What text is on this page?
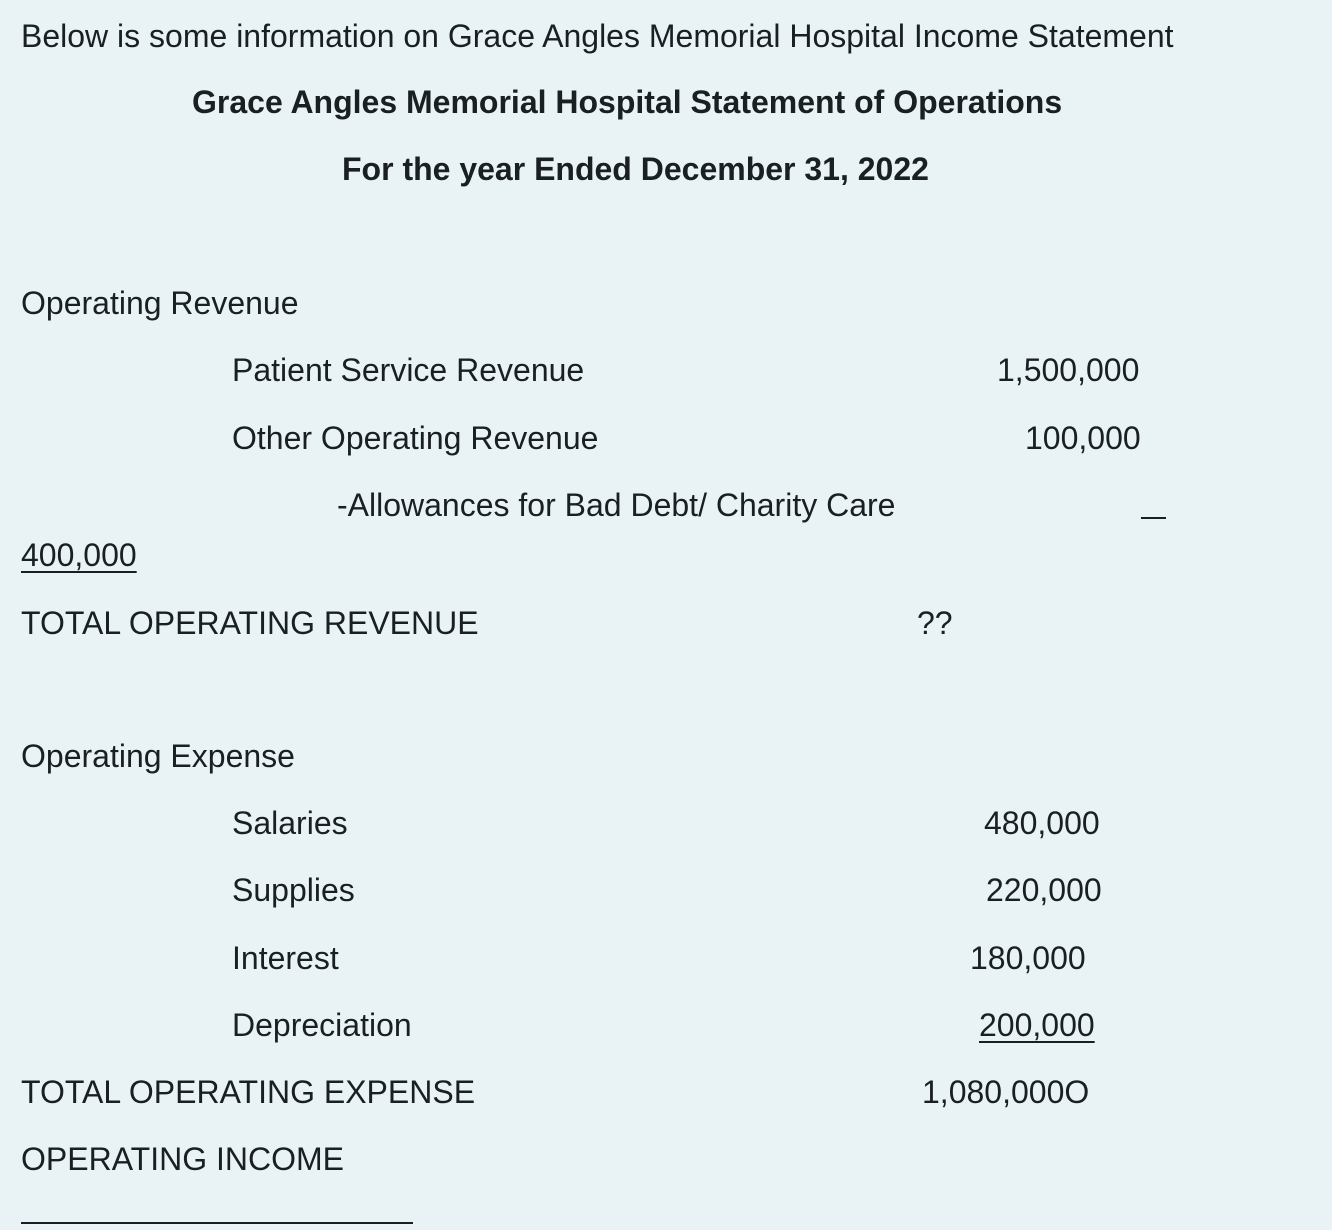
Below is some information on Grace Angles Memorial Hospital Income Statement
Grace Angles Memorial Hospital Statement of Operations
For the year Ended December 31, 2022
Operating Revenue
Patient Service Revenue	1,500,000
Other Operating Revenue	100,000
-Allowances for Bad Debt/ Charity Care
400,000
TOTAL OPERATING REVENUE	??
Operating Expense
Salaries	480,000
Supplies	220,000
Interest	180,000
Depreciation	200,000
TOTAL OPERATING EXPENSE	1,080,000O
OPERATING INCOME
